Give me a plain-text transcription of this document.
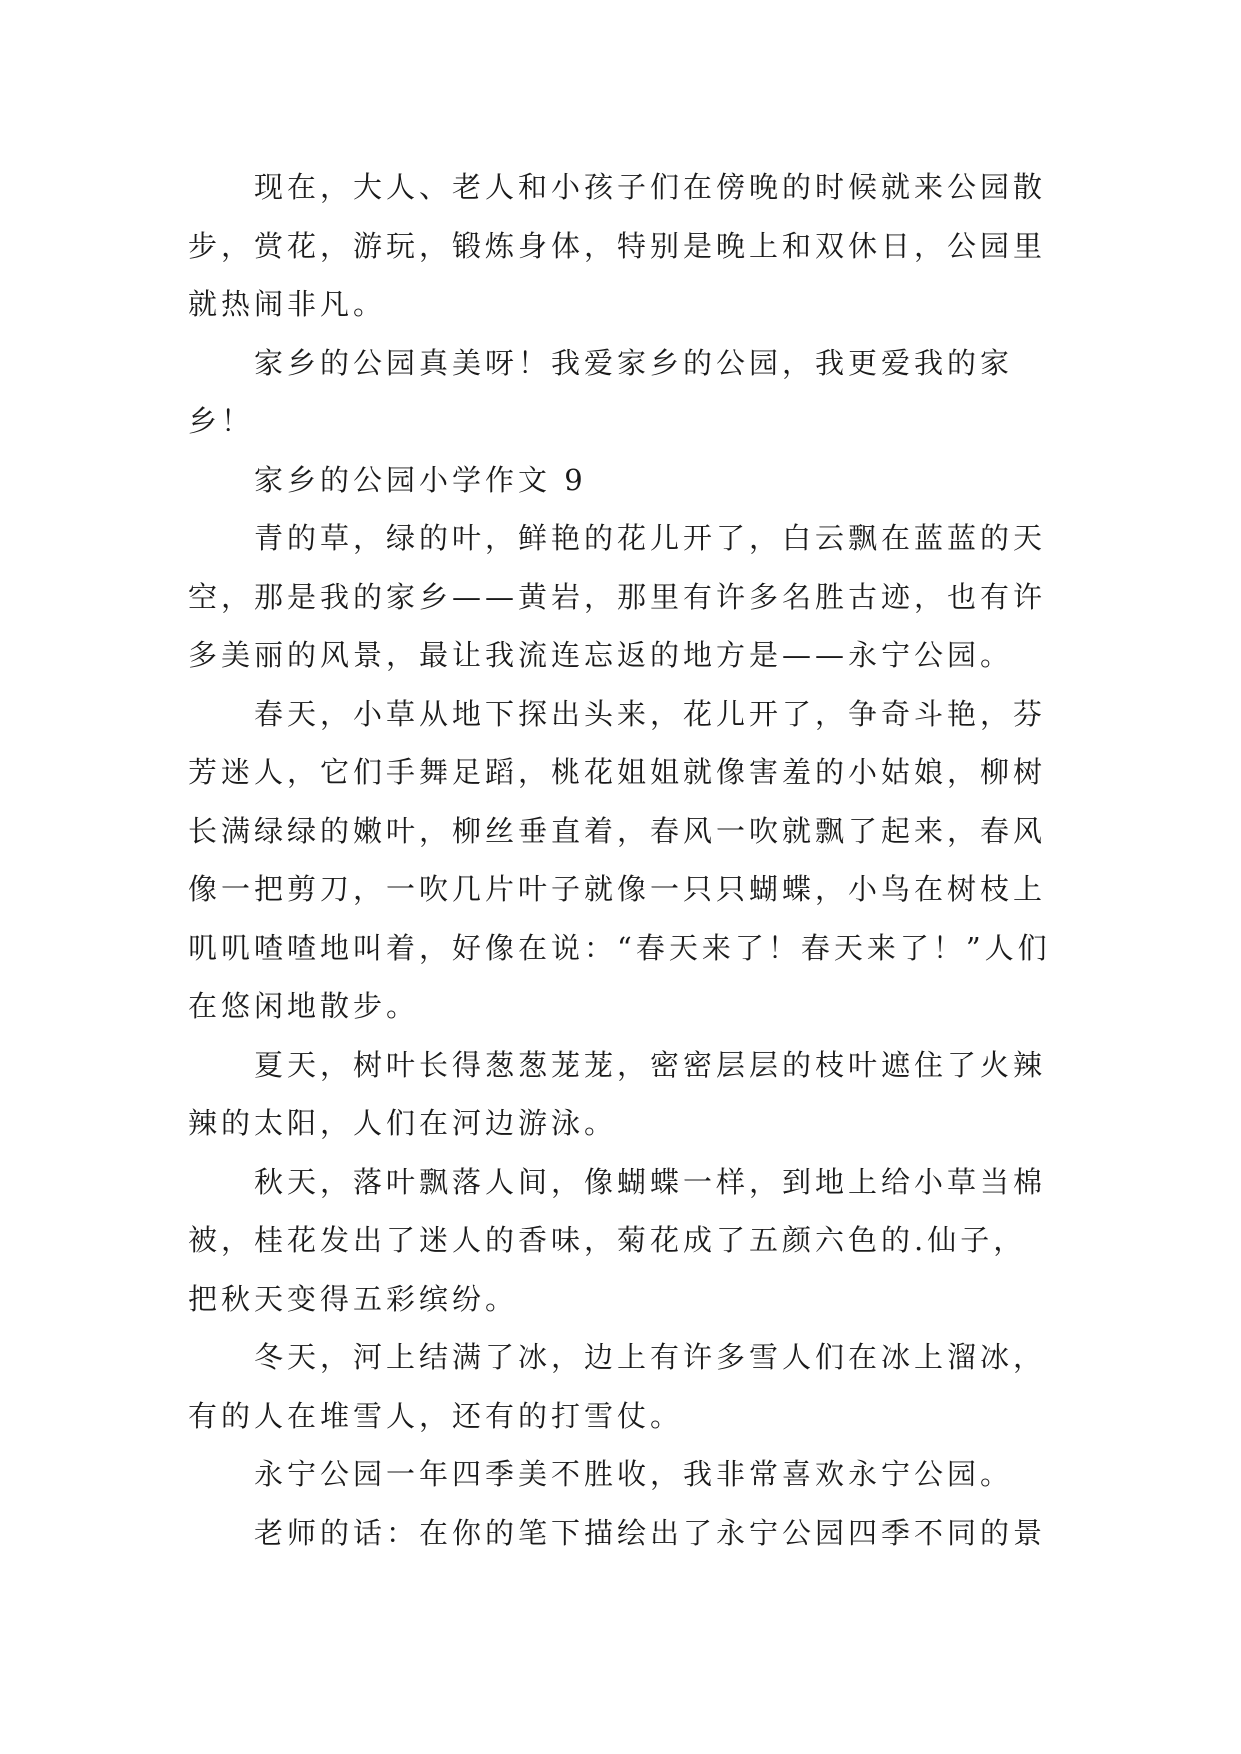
现在，大人、老人和小孩子们在傍晚的时候就来公园散
步，赏花，游玩，锻炼身体，特别是晚上和双休日，公园里
就热闹非凡。
家乡的公园真美呀！我爱家乡的公园，我更爱我的家
乡！
家乡的公园小学作文 9
青的草，绿的叶，鲜艳的花儿开了，白云飘在蓝蓝的天
空，那是我的家乡——黄岩，那里有许多名胜古迹，也有许
多美丽的风景，最让我流连忘返的地方是——永宁公园。
春天，小草从地下探出头来，花儿开了，争奇斗艳，芬
芳迷人，它们手舞足蹈，桃花姐姐就像害羞的小姑娘，柳树
长满绿绿的嫩叶，柳丝垂直着，春风一吹就飘了起来，春风
像一把剪刀，一吹几片叶子就像一只只蝴蝶，小鸟在树枝上
叽叽喳喳地叫着，好像在说：“春天来了！春天来了！”人们
在悠闲地散步。
夏天，树叶长得葱葱茏茏，密密层层的枝叶遮住了火辣
辣的太阳，人们在河边游泳。
秋天，落叶飘落人间，像蝴蝶一样，到地上给小草当棉
被，桂花发出了迷人的香味，菊花成了五颜六色的.仙子，
把秋天变得五彩缤纷。
冬天，河上结满了冰，边上有许多雪人们在冰上溜冰，
有的人在堆雪人，还有的打雪仗。
永宁公园一年四季美不胜收，我非常喜欢永宁公园。
老师的话：在你的笔下描绘出了永宁公园四季不同的景
